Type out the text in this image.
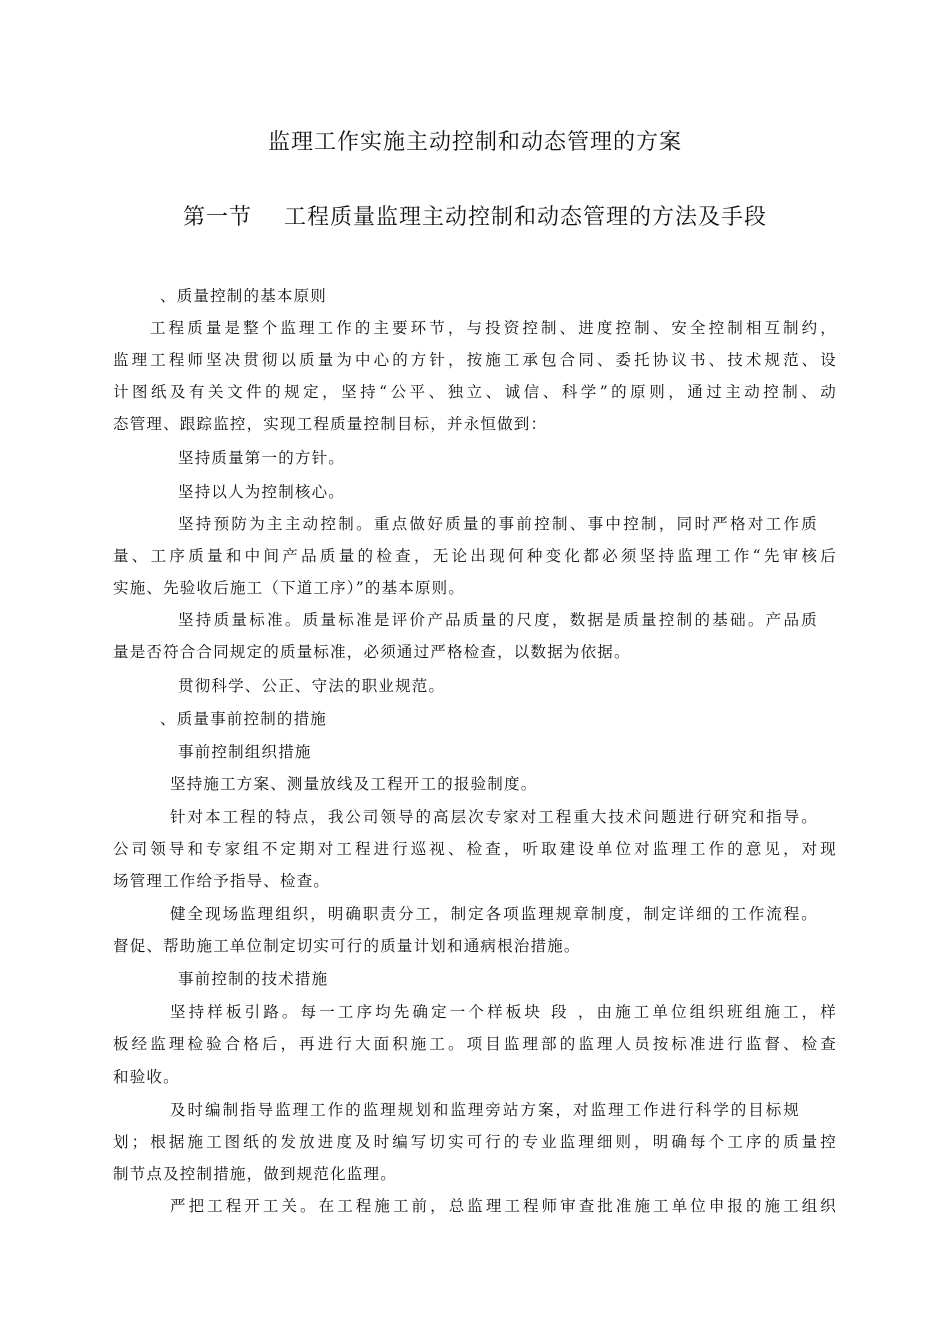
监理工作实施主动控制和动态管理的方案
第一节    工程质量监理主动控制和动态管理的方法及手段
、质量控制的基本原则
工程质量是整个监理工作的主要环节，与投资控制、进度控制、安全控制相互制约，
监理工程师坚决贯彻以质量为中心的方针，按施工承包合同、委托协议书、技术规范、设
计图纸及有关文件的规定，坚持“公平、独立、诚信、科学”的原则，通过主动控制、动
态管理、跟踪监控，实现工程质量控制目标，并永恒做到：
坚持质量第一的方针。
坚持以人为控制核心。
坚持预防为主主动控制。重点做好质量的事前控制、事中控制，同时严格对工作质
量、工序质量和中间产品质量的检查，无论出现何种变化都必须坚持监理工作“先审核后
实施、先验收后施工（下道工序）”的基本原则。
坚持质量标准。质量标准是评价产品质量的尺度，数据是质量控制的基础。产品质
量是否符合合同规定的质量标准，必须通过严格检查，以数据为依据。
贯彻科学、公正、守法的职业规范。
、质量事前控制的措施
事前控制组织措施
坚持施工方案、测量放线及工程开工的报验制度。
针对本工程的特点，我公司领导的高层次专家对工程重大技术问题进行研究和指导。
公司领导和专家组不定期对工程进行巡视、检查，听取建设单位对监理工作的意见，对现
场管理工作给予指导、检查。
健全现场监理组织，明确职责分工，制定各项监理规章制度，制定详细的工作流程。
督促、帮助施工单位制定切实可行的质量计划和通病根治措施。
事前控制的技术措施
坚持样板引路。每一工序均先确定一个样板块 段 ，由施工单位组织班组施工，样
板经监理检验合格后，再进行大面积施工。项目监理部的监理人员按标准进行监督、检查
和验收。
及时编制指导监理工作的监理规划和监理旁站方案，对监理工作进行科学的目标规
划；根据施工图纸的发放进度及时编写切实可行的专业监理细则，明确每个工序的质量控
制节点及控制措施，做到规范化监理。
严把工程开工关。在工程施工前，总监理工程师审查批准施工单位申报的施工组织
